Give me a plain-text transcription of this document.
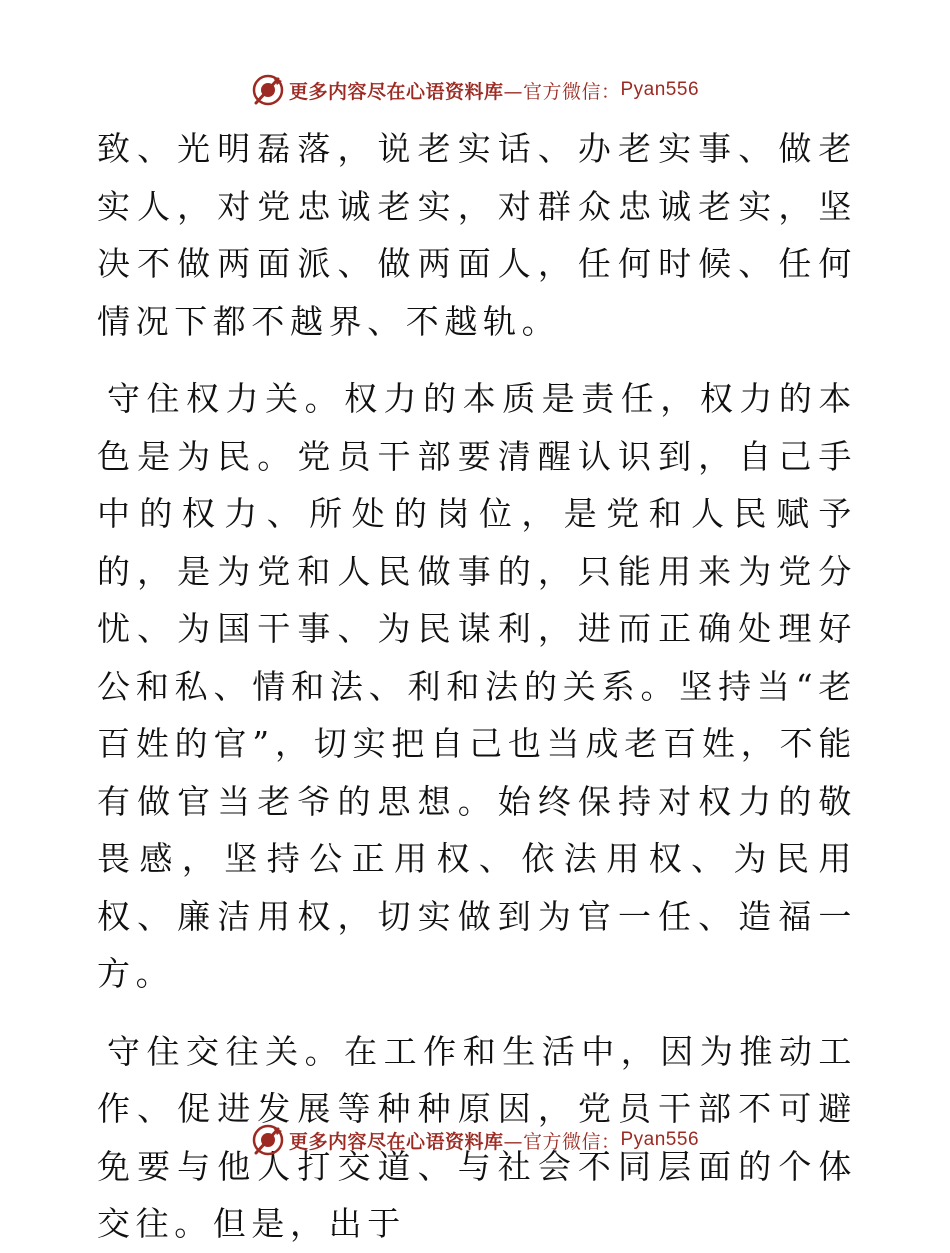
更多内容尽在心语资料库 —官方微信： Pyan556

致、光明磊落，说老实话、办老实事、做老实人，对党忠诚老实，对群众忠诚老实，坚决不做两面派、做两面人，任何时候、任何情况下都不越界、不越轨。

守住权力关。权力的本质是责任，权力的本色是为民。党员干部要清醒认识到，自己手中的权力、所处的岗位，是党和人民赋予的，是为党和人民做事的，只能用来为党分忧、为国干事、为民谋利，进而正确处理好公和私、情和法、利和法的关系。坚持当“老百姓的官”，切实把自己也当成老百姓，不能有做官当老爷的思想。始终保持对权力的敬畏感，坚持公正用权、依法用权、为民用权、廉洁用权，切实做到为官一任、造福一方。

守住交往关。在工作和生活中，因为推动工作、促进发展等种种原因，党员干部不可避免要与他人打交道、与社会不同层面的个体交往。但是，出于

更多内容尽在心语资料库 —官方微信： Pyan556
